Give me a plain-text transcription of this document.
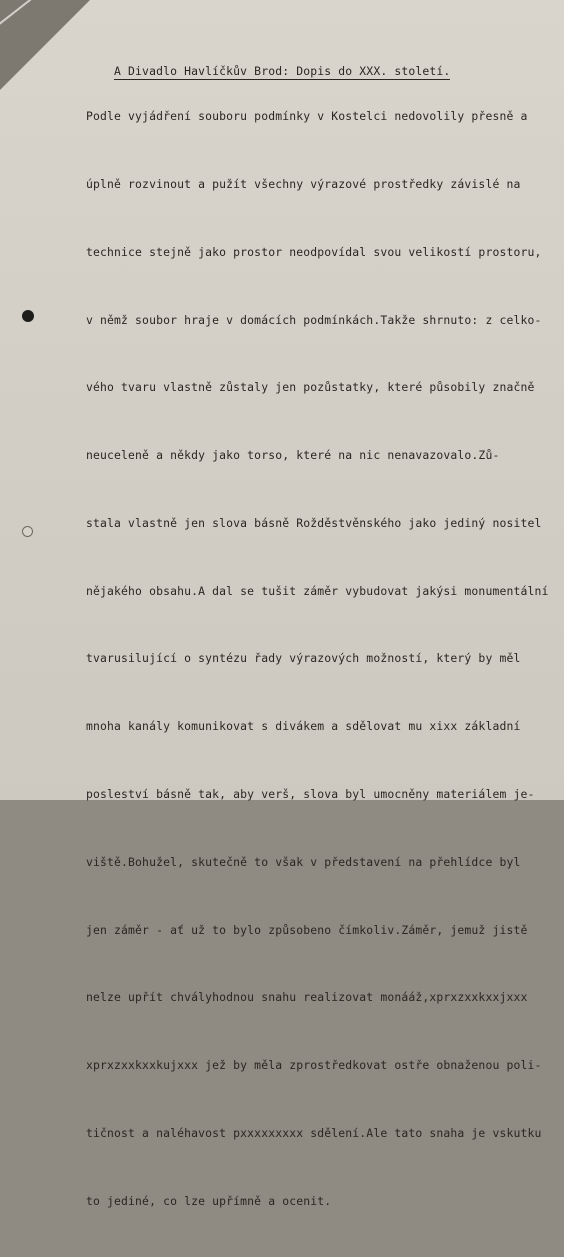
A Divadlo Havlíčkův Brod: Dopis do XXX. století.

Podle vyjádření souboru podmínky v Kostelci nedovolily přesně a

úplně rozvinout a pužít všechny výrazové prostředky závislé na

technice stejně jako prostor neodpovídal svou velikostí prostoru,

v němž soubor hraje v domácích podmínkách.Takže shrnuto: z celko-

vého tvaru vlastně zůstaly jen pozůstatky, které působily značně

neuceleně a někdy jako torso, které na nic nenavazovalo.Zů-

stala vlastně jen slova básně Rožděstvěnského jako jediný nositel

nějakého obsahu.A dal se tušit záměr vybudovat jakýsi monumentální

tvarusilující o syntézu řady výrazových možností, který by měl

mnoha kanály komunikovat s divákem a sdělovat mu xixx základní

posleství básně tak, aby verš, slova byl umocněny materiálem je-

viště.Bohužel, skutečně to však v představení na přehlídce byl

jen záměr - ať už to bylo způsobeno čímkoliv.Záměr, jemuž jistě

nelze upřít chvályhodnou snahu realizovat monááž,xprxzxxkxxjxxx

xprxzxxkxxkujxxx jež by měla zprostředkovat ostře obnaženou poli-

tičnost a naléhavost pxxxxxxxxx sdělení.Ale tato snaha je vskutku

to jediné, co lze upřímně a ocenit.
